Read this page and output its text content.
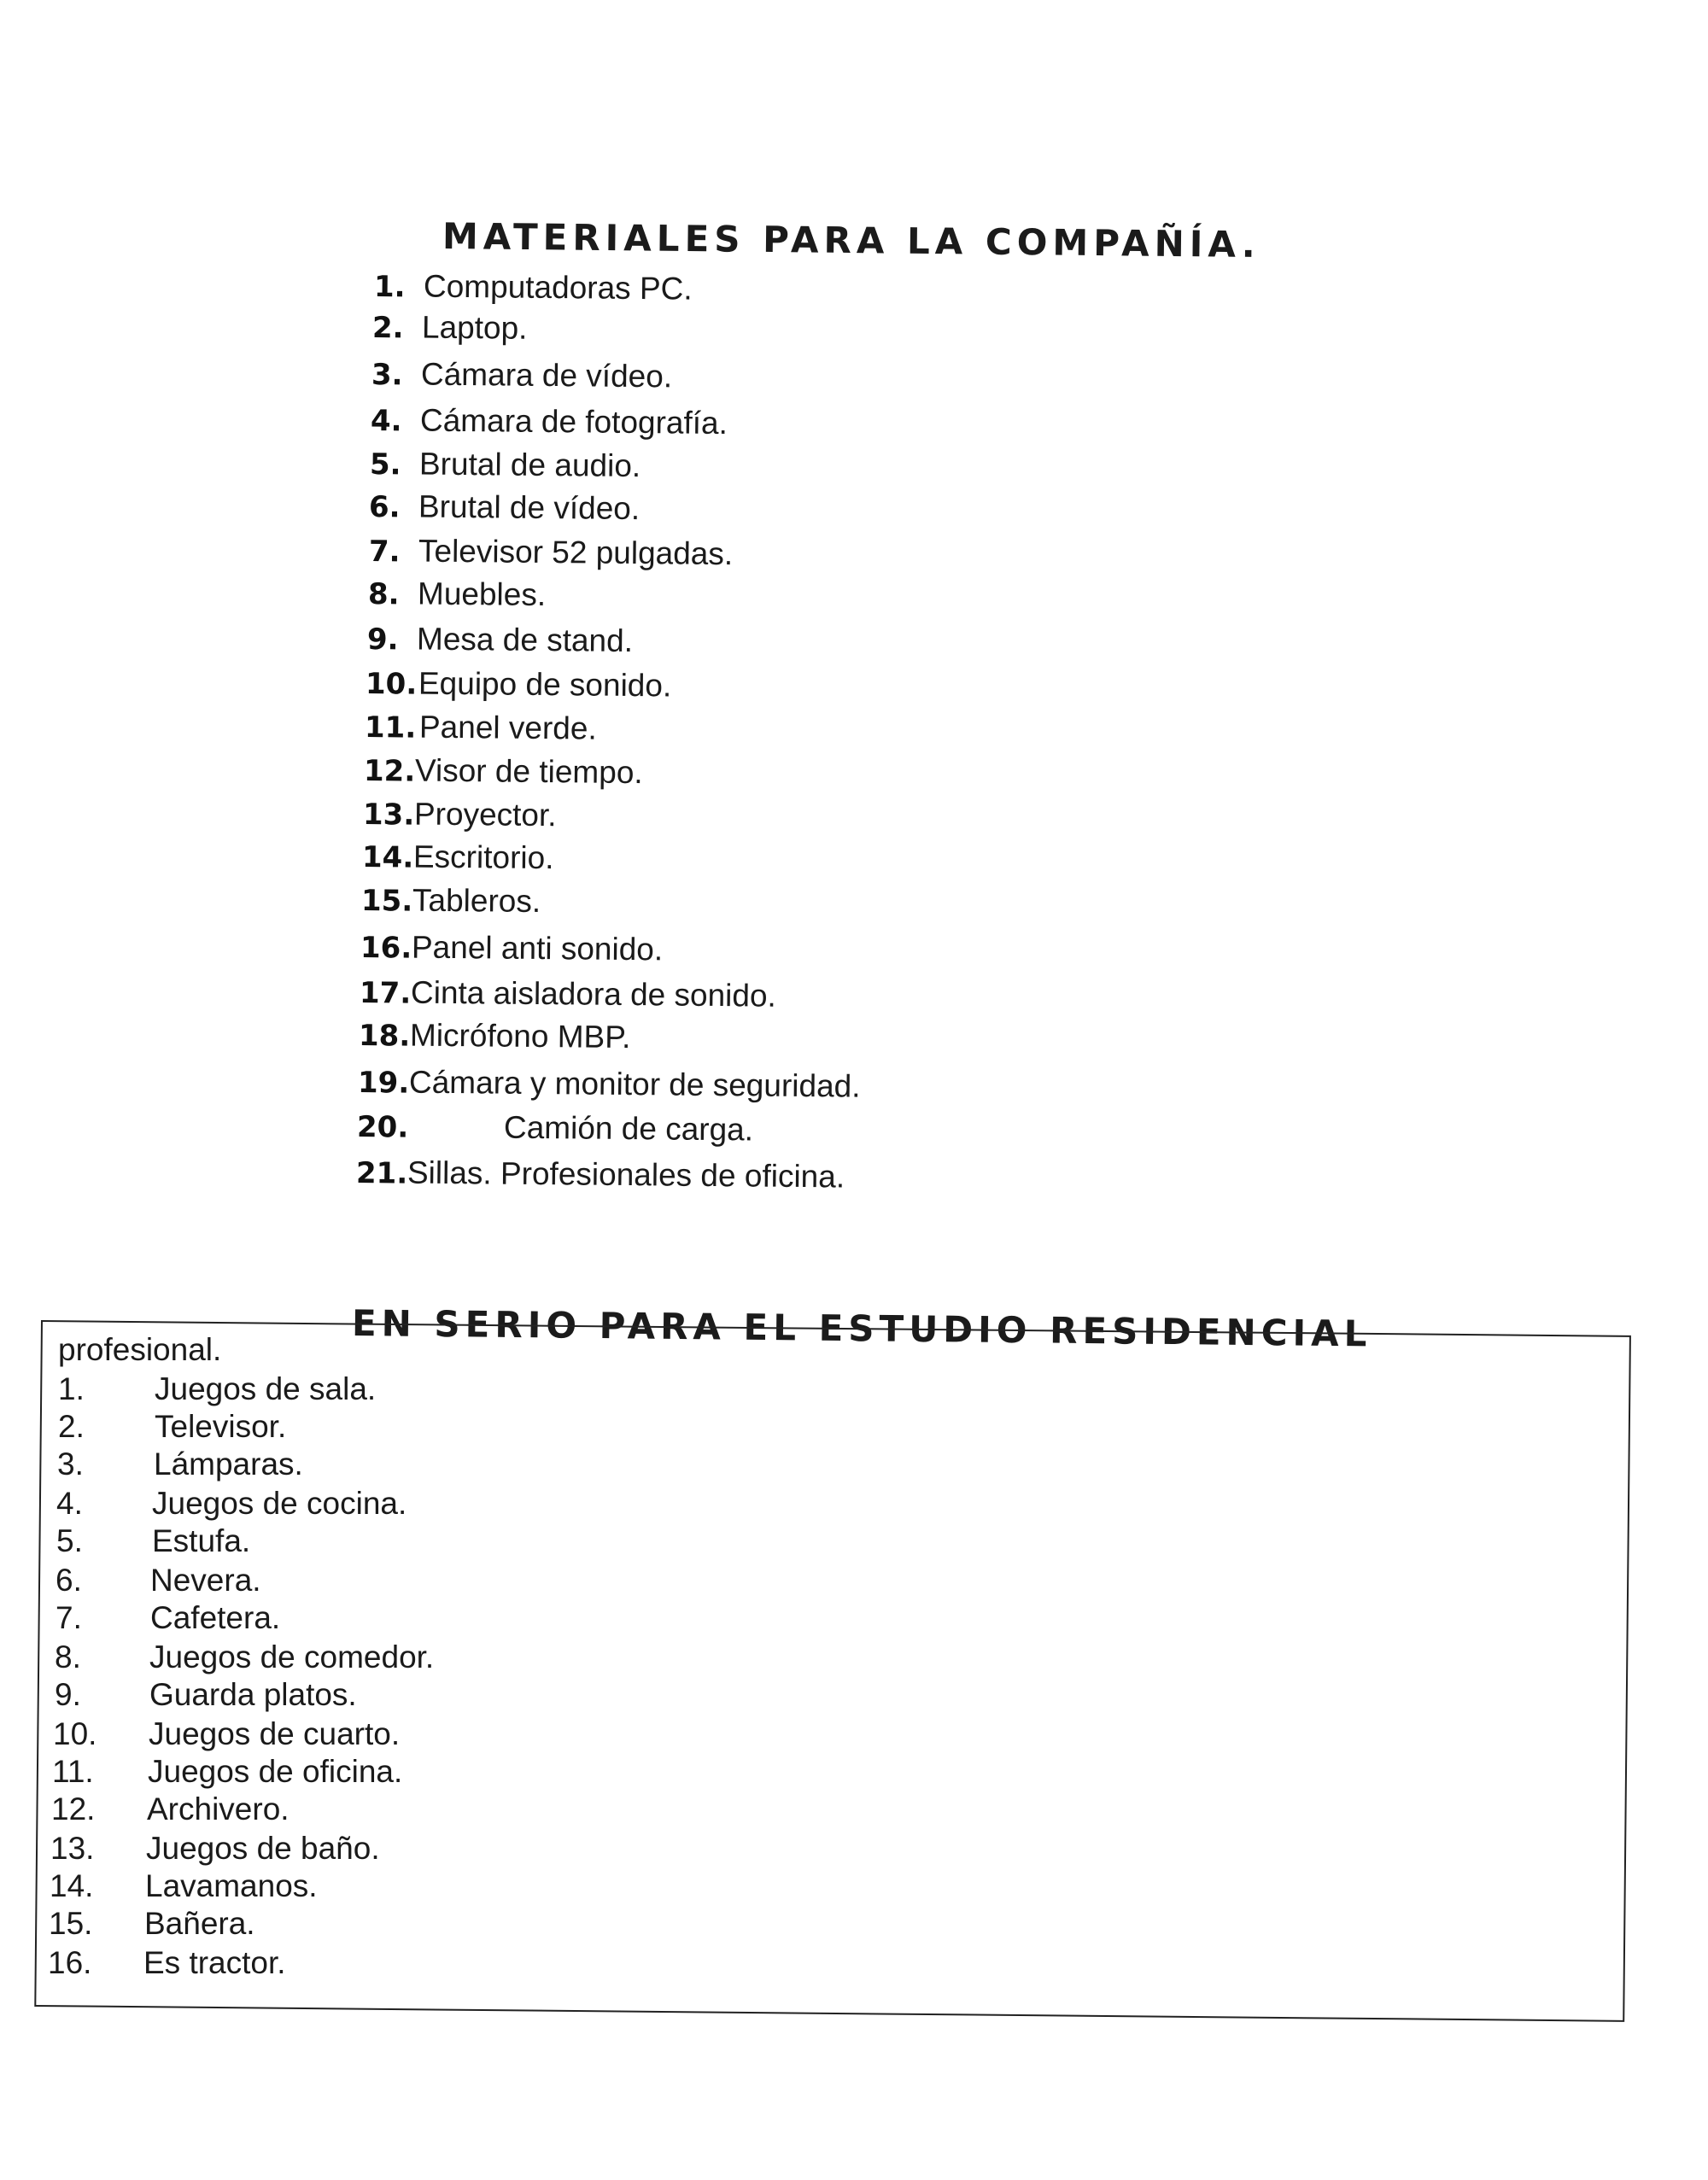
MATERIALES PARA LA COMPAÑÍA.
1. Computadoras PC.
2. Laptop.
3. Cámara de vídeo.
4. Cámara de fotografía.
5. Brutal de audio.
6. Brutal de vídeo.
7. Televisor 52 pulgadas.
8. Muebles.
9. Mesa de stand.
10.Equipo de sonido.
11.Panel verde.
12.Visor de tiempo.
13.Proyector.
14.Escritorio.
15.Tableros.
16.Panel anti sonido.
17.Cinta aisladora de sonido.
18.Micrófono MBP.
19.Cámara y monitor de seguridad.
20.	Camión de carga.
21.Sillas. Profesionales de oficina.
EN SERIO PARA EL ESTUDIO RESIDENCIAL
profesional.
1. Juegos de sala.
2. Televisor.
3. Lámparas.
4. Juegos de cocina.
5. Estufa.
6. Nevera.
7. Cafetera.
8. Juegos de comedor.
9. Guarda platos.
10. Juegos de cuarto.
11. Juegos de oficina.
12. Archivero.
13. Juegos de baño.
14. Lavamanos.
15. Bañera.
16. Es tractor.
